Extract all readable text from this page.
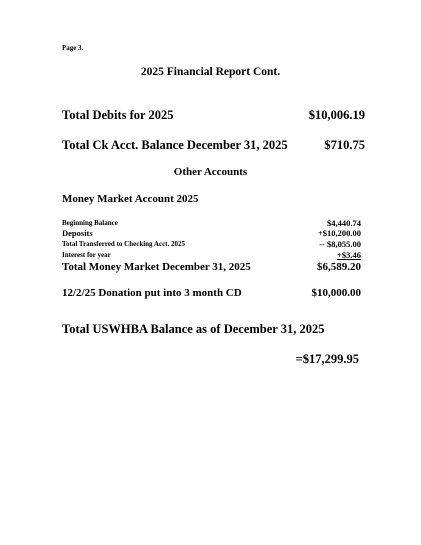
Page 3.
2025 Financial Report Cont.
Total Debits for 2025	$10,006.19
Total Ck Acct. Balance December 31, 2025	$710.75
Other Accounts
Money Market Account 2025
Beginning Balance	$4,440.74
Deposits	+$10,200.00
Total Transferred to Checking Acct. 2025	-- $8,055.00
Interest for year	+$3.46
Total Money Market December 31, 2025	$6,589.20
12/2/25 Donation put into 3 month CD	$10,000.00
Total USWHBA Balance as of December 31, 2025
=$17,299.95
